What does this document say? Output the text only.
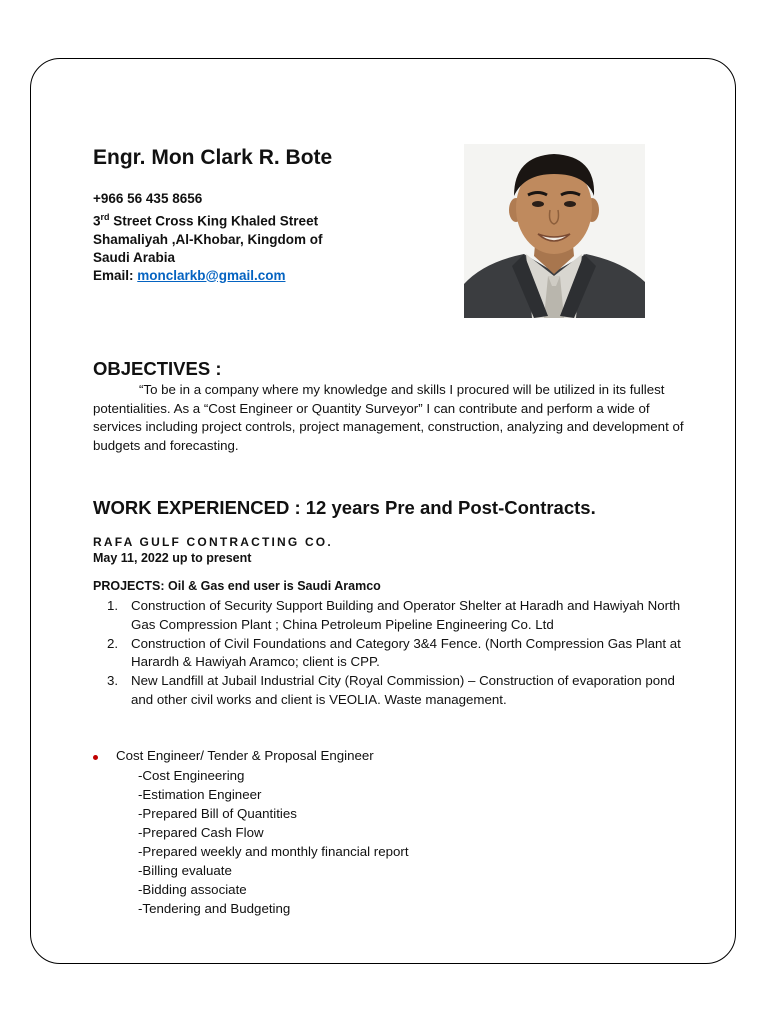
Engr. Mon Clark R. Bote
+966 56 435 8656
3rd Street Cross King Khaled Street
Shamaliyah ,Al-Khobar, Kingdom of
Saudi Arabia
Email: monclarkb@gmail.com
OBJECTIVES :

“To be in a company where my knowledge and skills I procured will be utilized in its fullest potentialities. As a “Cost Engineer or Quantity Surveyor” I can contribute and perform a wide of services including project controls, project management, construction, analyzing and development of budgets and forecasting.

WORK EXPERIENCED : 12 years Pre and Post-Contracts.
RAFA GULF CONTRACTING CO.
May 11, 2022 up to present
PROJECTS: Oil & Gas end user is Saudi Aramco
1. Construction of Security Support Building and Operator Shelter at Haradh and Hawiyah North Gas Compression Plant ; China Petroleum Pipeline Engineering Co. Ltd
2. Construction of Civil Foundations and Category 3&4 Fence. (North Compression Gas Plant at Harardh & Hawiyah Aramco; client is CPP.
3. New Landfill at Jubail Industrial City (Royal Commission) – Construction of evaporation pond and other civil works and client is VEOLIA. Waste management.
Cost Engineer/ Tender & Proposal Engineer
-Cost Engineering
-Estimation Engineer
-Prepared Bill of Quantities
-Prepared Cash Flow
-Prepared weekly and monthly financial report
-Billing evaluate
-Bidding associate
-Tendering and Budgeting
